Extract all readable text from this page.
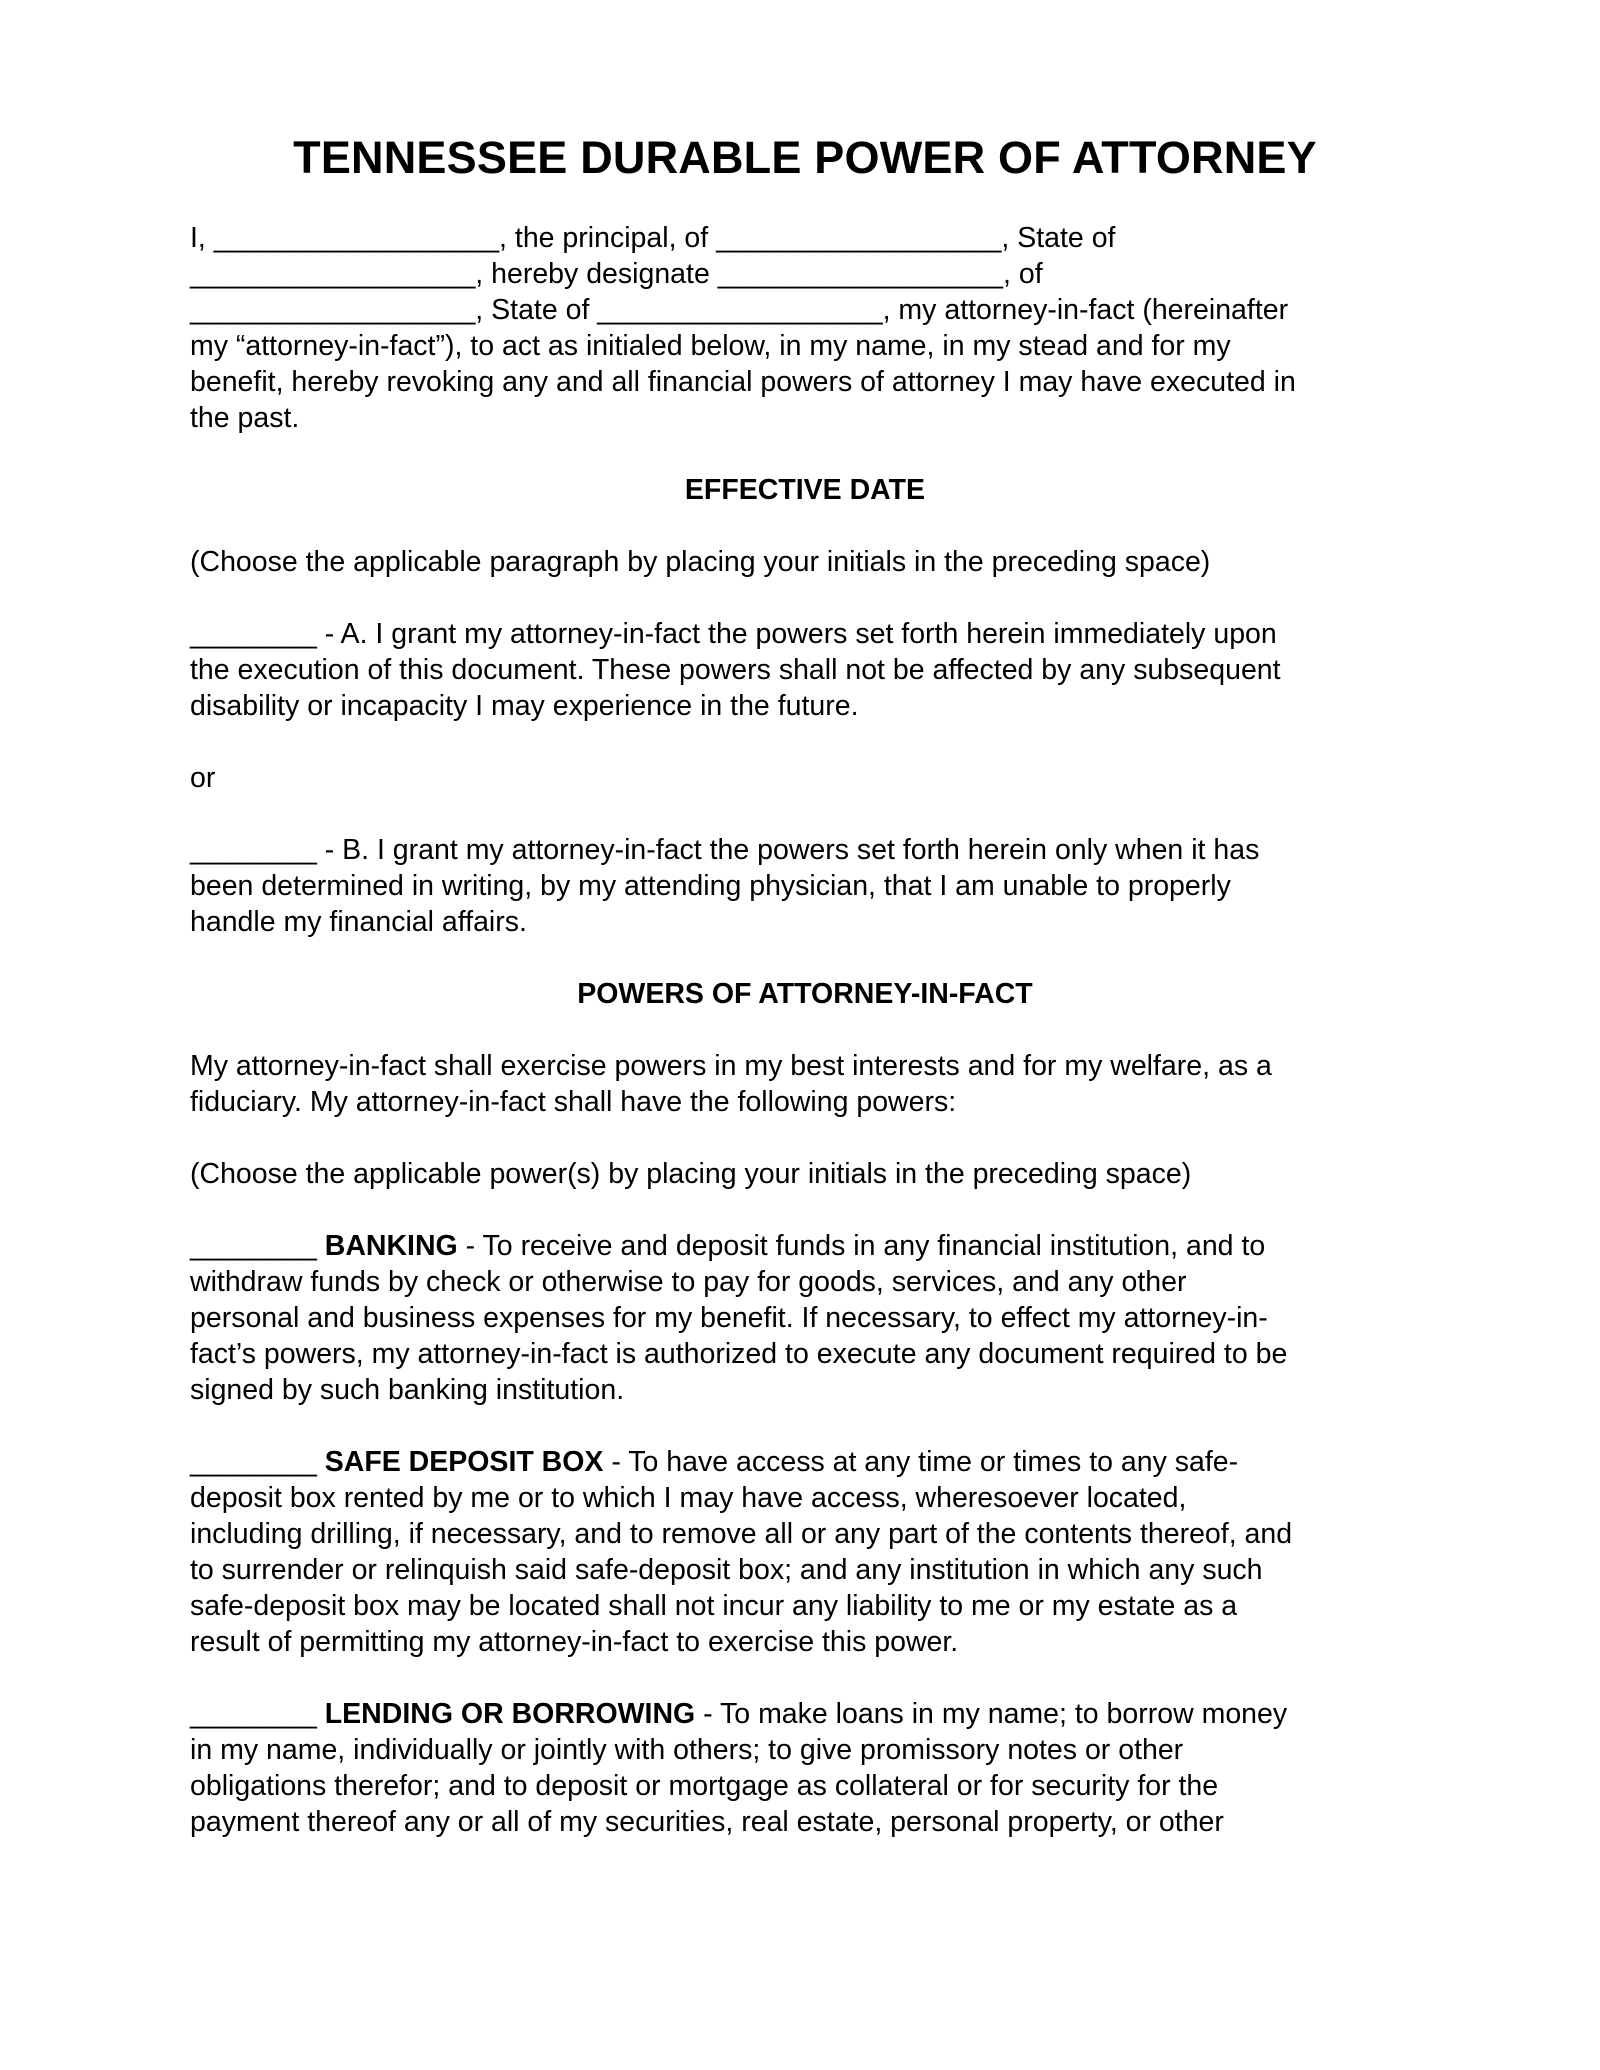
TENNESSEE DURABLE POWER OF ATTORNEY

I, __________________, the principal, of __________________, State of
__________________, hereby designate __________________, of
__________________, State of __________________, my attorney-in-fact (hereinafter
my “attorney-in-fact”), to act as initialed below, in my name, in my stead and for my
benefit, hereby revoking any and all financial powers of attorney I may have executed in
the past.

EFFECTIVE DATE

(Choose the applicable paragraph by placing your initials in the preceding space)

________ - A. I grant my attorney-in-fact the powers set forth herein immediately upon
the execution of this document. These powers shall not be affected by any subsequent
disability or incapacity I may experience in the future.

or

________ - B. I grant my attorney-in-fact the powers set forth herein only when it has
been determined in writing, by my attending physician, that I am unable to properly
handle my financial affairs.

POWERS OF ATTORNEY-IN-FACT

My attorney-in-fact shall exercise powers in my best interests and for my welfare, as a
fiduciary. My attorney-in-fact shall have the following powers:

(Choose the applicable power(s) by placing your initials in the preceding space)

________ BANKING - To receive and deposit funds in any financial institution, and to
withdraw funds by check or otherwise to pay for goods, services, and any other
personal and business expenses for my benefit. If necessary, to effect my attorney-in-
fact’s powers, my attorney-in-fact is authorized to execute any document required to be
signed by such banking institution.

________ SAFE DEPOSIT BOX - To have access at any time or times to any safe-
deposit box rented by me or to which I may have access, wheresoever located,
including drilling, if necessary, and to remove all or any part of the contents thereof, and
to surrender or relinquish said safe-deposit box; and any institution in which any such
safe-deposit box may be located shall not incur any liability to me or my estate as a
result of permitting my attorney-in-fact to exercise this power.

________ LENDING OR BORROWING - To make loans in my name; to borrow money
in my name, individually or jointly with others; to give promissory notes or other
obligations therefor; and to deposit or mortgage as collateral or for security for the
payment thereof any or all of my securities, real estate, personal property, or other
